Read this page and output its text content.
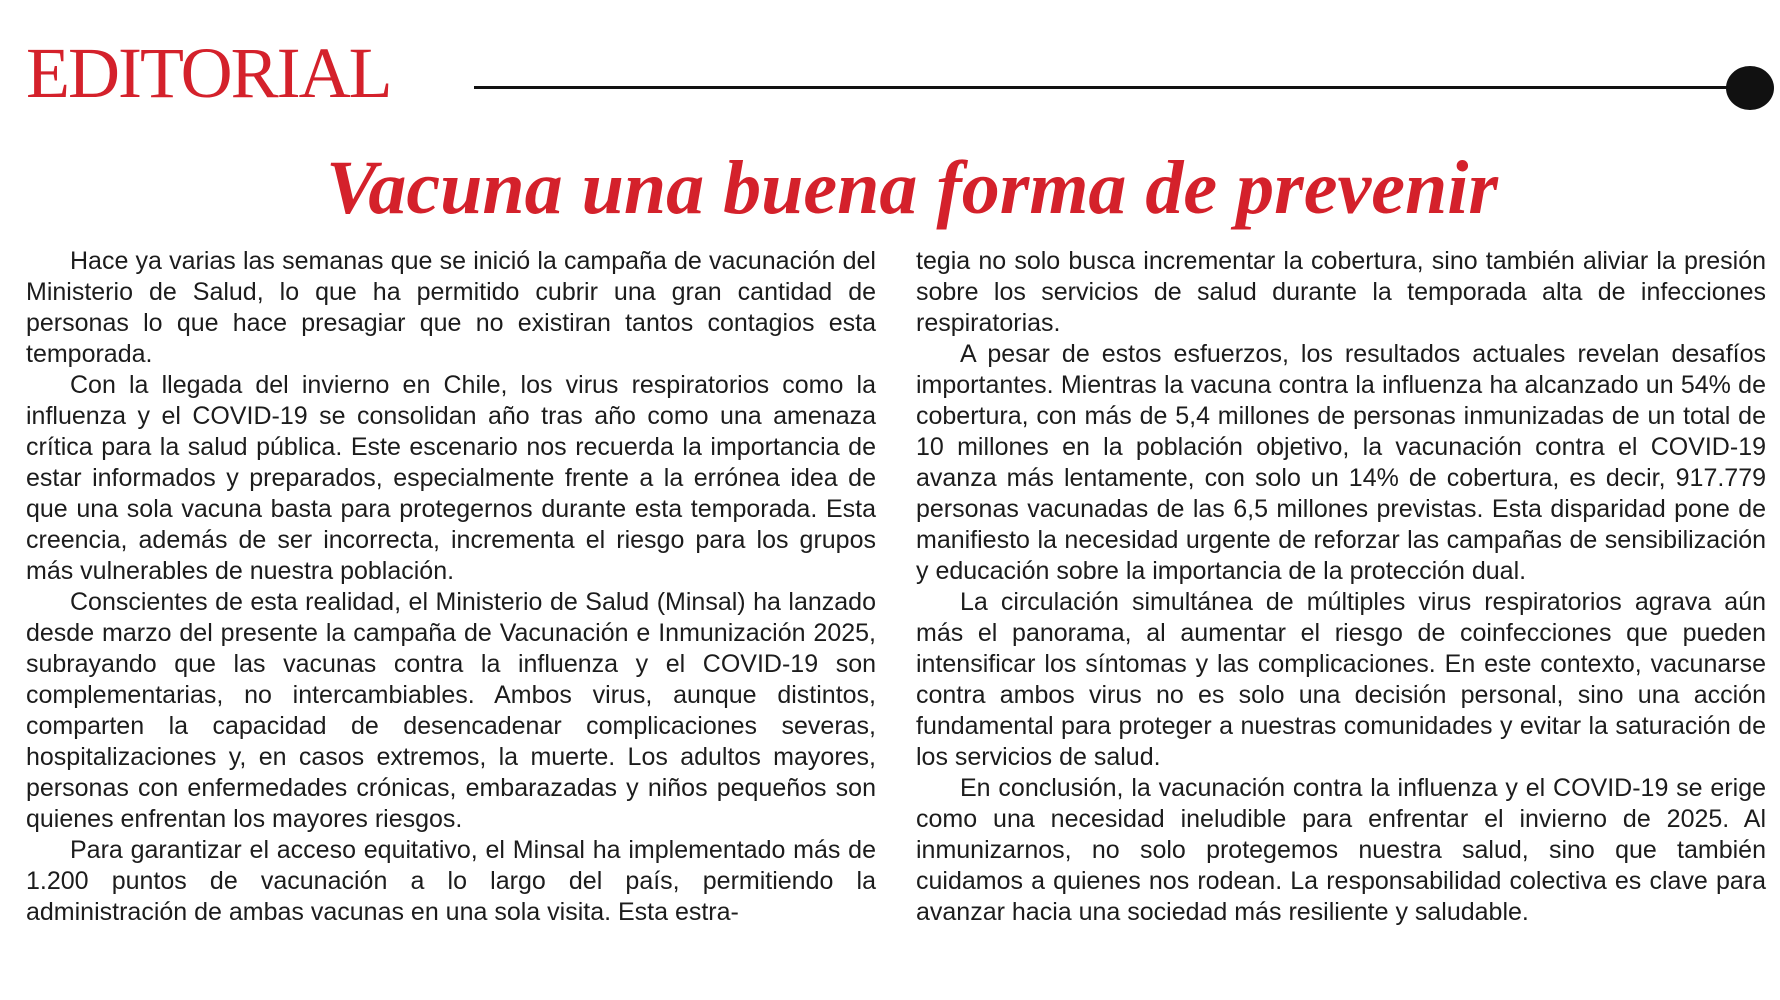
EDITORIAL
Vacuna una buena forma de prevenir

Hace ya varias las semanas que se inició la campaña de vacunación del Ministerio de Salud, lo que ha permitido cubrir una gran cantidad de personas lo que hace presagiar que no existiran tantos contagios esta temporada.

Con la llegada del invierno en Chile, los virus respiratorios como la influenza y el COVID-19 se consolidan año tras año como una amenaza crítica para la salud pública. Este escenario nos recuerda la importancia de estar informados y preparados, especialmente frente a la errónea idea de que una sola vacuna basta para protegernos durante esta temporada. Esta creencia, además de ser incorrecta, incrementa el riesgo para los grupos más vulnerables de nuestra población.

Conscientes de esta realidad, el Ministerio de Salud (Minsal) ha lanzado desde marzo del presente la campaña de Vacunación e Inmunización 2025, subrayando que las vacunas contra la influenza y el COVID-19 son complementarias, no intercambiables. Ambos virus, aunque distintos, comparten la capacidad de desencadenar complicaciones severas, hospitalizaciones y, en casos extremos, la muerte. Los adultos mayores, personas con enfermedades crónicas, embarazadas y niños pequeños son quienes enfrentan los mayores riesgos.

Para garantizar el acceso equitativo, el Minsal ha implementado más de 1.200 puntos de vacunación a lo largo del país, permitiendo la administración de ambas vacunas en una sola visita. Esta estra-

tegia no solo busca incrementar la cobertura, sino también aliviar la presión sobre los servicios de salud durante la temporada alta de infecciones respiratorias.

A pesar de estos esfuerzos, los resultados actuales revelan desafíos importantes. Mientras la vacuna contra la influenza ha alcanzado un 54% de cobertura, con más de 5,4 millones de personas inmunizadas de un total de 10 millones en la población objetivo, la vacunación contra el COVID-19 avanza más lentamente, con solo un 14% de cobertura, es decir, 917.779 personas vacunadas de las 6,5 millones previstas. Esta disparidad pone de manifiesto la necesidad urgente de reforzar las campañas de sensibilización y educación sobre la importancia de la protección dual.

La circulación simultánea de múltiples virus respiratorios agrava aún más el panorama, al aumentar el riesgo de coinfecciones que pueden intensificar los síntomas y las complicaciones. En este contexto, vacunarse contra ambos virus no es solo una decisión personal, sino una acción fundamental para proteger a nuestras comunidades y evitar la saturación de los servicios de salud.

En conclusión, la vacunación contra la influenza y el COVID-19 se erige como una necesidad ineludible para enfrentar el invierno de 2025. Al inmunizarnos, no solo protegemos nuestra salud, sino que también cuidamos a quienes nos rodean. La responsabilidad colectiva es clave para avanzar hacia una sociedad más resiliente y saludable.
